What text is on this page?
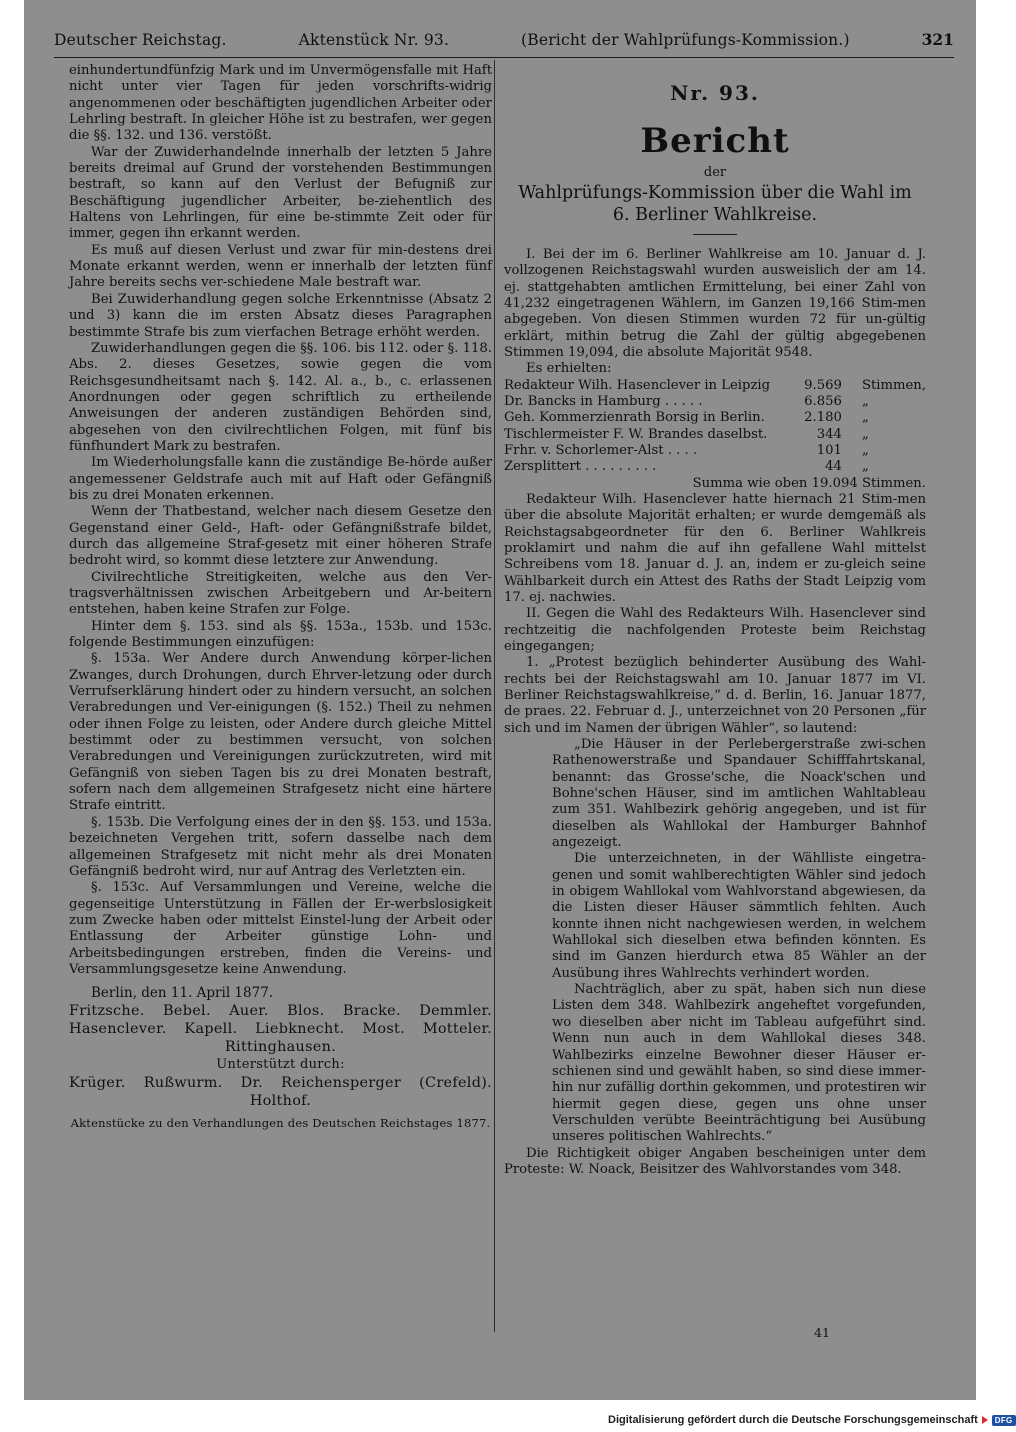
Deutscher Reichstag.	Aktenstück Nr. 93.	(Bericht der Wahlprüfungs-Kommission.)	321

einhundertundfünfzig Mark und im Unvermögensfalle mit Haft nicht unter vier Tagen für jeden vorschrifts-widrig angenommenen oder beschäftigten jugendlichen Arbeiter oder Lehrling bestraft. In gleicher Höhe ist zu bestrafen, wer gegen die §§. 132. und 136. verstößt.

War der Zuwiderhandelnde innerhalb der letzten 5 Jahre bereits dreimal auf Grund der vorstehenden Bestimmungen bestraft, so kann auf den Verlust der Befugniß zur Beschäftigung jugendlicher Arbeiter, be-ziehentlich des Haltens von Lehrlingen, für eine be-stimmte Zeit oder für immer, gegen ihn erkannt werden.

Es muß auf diesen Verlust und zwar für min-destens drei Monate erkannt werden, wenn er innerhalb der letzten fünf Jahre bereits sechs ver-schiedene Male bestraft war.

Bei Zuwiderhandlung gegen solche Erkenntnisse (Absatz 2 und 3) kann die im ersten Absatz dieses Paragraphen bestimmte Strafe bis zum vierfachen Betrage erhöht werden.

Zuwiderhandlungen gegen die §§. 106. bis 112. oder §. 118. Abs. 2. dieses Gesetzes, sowie gegen die vom Reichsgesundheitsamt nach §. 142. Al. a., b., c. erlassenen Anordnungen oder gegen schriftlich zu ertheilende Anweisungen der anderen zuständigen Behörden sind, abgesehen von den civilrechtlichen Folgen, mit fünf bis fünfhundert Mark zu bestrafen.

Im Wiederholungsfalle kann die zuständige Be-hörde außer angemessener Geldstrafe auch mit auf Haft oder Gefängniß bis zu drei Monaten erkennen.

Wenn der Thatbestand, welcher nach diesem Gesetze den Gegenstand einer Geld-, Haft- oder Gefängnißstrafe bildet, durch das allgemeine Straf-gesetz mit einer höheren Strafe bedroht wird, so kommt diese letztere zur Anwendung.

Civilrechtliche Streitigkeiten, welche aus den Ver-tragsverhältnissen zwischen Arbeitgebern und Ar-beitern entstehen, haben keine Strafen zur Folge.

Hinter dem §. 153. sind als §§. 153a., 153b. und 153c. folgende Bestimmungen einzufügen:

§. 153a. Wer Andere durch Anwendung körper-lichen Zwanges, durch Drohungen, durch Ehrver-letzung oder durch Verrufserklärung hindert oder zu hindern versucht, an solchen Verabredungen und Ver-einigungen (§. 152.) Theil zu nehmen oder ihnen Folge zu leisten, oder Andere durch gleiche Mittel bestimmt oder zu bestimmen versucht, von solchen Verabredungen und Vereinigungen zurückzutreten, wird mit Gefängniß von sieben Tagen bis zu drei Monaten bestraft, sofern nach dem allgemeinen Strafgesetz nicht eine härtere Strafe eintritt.

§. 153b. Die Verfolgung eines der in den §§. 153. und 153a. bezeichneten Vergehen tritt, sofern dasselbe nach dem allgemeinen Strafgesetz mit nicht mehr als drei Monaten Gefängniß bedroht wird, nur auf Antrag des Verletzten ein.

§. 153c. Auf Versammlungen und Vereine, welche die gegenseitige Unterstützung in Fällen der Er-werbslosigkeit zum Zwecke haben oder mittelst Einstel-lung der Arbeit oder Entlassung der Arbeiter günstige Lohn- und Arbeitsbedingungen erstreben, finden die Vereins- und Versammlungsgesetze keine Anwendung.

Berlin, den 11. April 1877.

Fritzsche. Bebel. Auer. Blos. Bracke. Demmler.

Hasenclever. Kapell. Liebknecht. Most. Motteler.

Rittinghausen.

Unterstützt durch:

Krüger. Rußwurm. Dr. Reichensperger (Crefeld).

Holthof.

Aktenstücke zu den Verhandlungen des Deutschen Reichstages 1877.
Nr. 93.
Bericht
der

Wahlprüfungs-Kommission über die Wahl im

6. Berliner Wahlkreise.

I. Bei der im 6. Berliner Wahlkreise am 10. Januar d. J. vollzogenen Reichstagswahl wurden ausweislich der am 14. ej. stattgehabten amtlichen Ermittelung, bei einer Zahl von 41,232 eingetragenen Wählern, im Ganzen 19,166 Stim-men abgegeben. Von diesen Stimmen wurden 72 für un-gültig erklärt, mithin betrug die Zahl der gültig abgegebenen Stimmen 19,094, die absolute Majorität 9548.

Es erhielten:

Redakteur Wilh. Hasenclever in Leipzig	9.569	Stimmen,
Dr. Bancks in Hamburg . . . . .	6.856	„
Geh. Kommerzienrath Borsig in Berlin.	2.180	„
Tischlermeister F. W. Brandes daselbst.	344	„
Frhr. v. Schorlemer-Alst . . . .	101	„
Zersplittert . . . . . . . . .	44	„

Summa wie oben 19.094 Stimmen.

Redakteur Wilh. Hasenclever hatte hiernach 21 Stim-men über die absolute Majorität erhalten; er wurde demgemäß als Reichstagsabgeordneter für den 6. Berliner Wahlkreis proklamirt und nahm die auf ihn gefallene Wahl mittelst Schreibens vom 18. Januar d. J. an, indem er zu-gleich seine Wählbarkeit durch ein Attest des Raths der Stadt Leipzig vom 17. ej. nachwies.

II. Gegen die Wahl des Redakteurs Wilh. Hasenclever sind rechtzeitig die nachfolgenden Proteste beim Reichstag eingegangen;

1. „Protest bezüglich behinderter Ausübung des Wahl-rechts bei der Reichstagswahl am 10. Januar 1877 im VI. Berliner Reichstagswahlkreise,“ d. d. Berlin, 16. Januar 1877, de praes. 22. Februar d. J., unterzeichnet von 20 Personen „für sich und im Namen der übrigen Wähler“, so lautend:

„Die Häuser in der Perlebergerstraße zwi-schen Rathenowerstraße und Spandauer Schifffahrtskanal, benannt: das Grosse'sche, die Noack'schen und Bohne'schen Häuser, sind im amtlichen Wahltableau zum 351. Wahlbezirk gehörig angegeben, und ist für dieselben als Wahllokal der Hamburger Bahnhof angezeigt.

Die unterzeichneten, in der Wählliste eingetra-genen und somit wahlberechtigten Wähler sind jedoch in obigem Wahllokal vom Wahlvorstand abgewiesen, da die Listen dieser Häuser sämmtlich fehlten. Auch konnte ihnen nicht nachgewiesen werden, in welchem Wahllokal sich dieselben etwa befinden könnten. Es sind im Ganzen hierdurch etwa 85 Wähler an der Ausübung ihres Wahlrechts verhindert worden.

Nachträglich, aber zu spät, haben sich nun diese Listen dem 348. Wahlbezirk angeheftet vorgefunden, wo dieselben aber nicht im Tableau aufgeführt sind. Wenn nun auch in dem Wahllokal dieses 348. Wahlbezirks einzelne Bewohner dieser Häuser er-schienen sind und gewählt haben, so sind diese immer-hin nur zufällig dorthin gekommen, und protestiren wir hiermit gegen diese, gegen uns ohne unser Verschulden verübte Beeinträchtigung bei Ausübung unseres politischen Wahlrechts.“

Die Richtigkeit obiger Angaben bescheinigen unter dem Proteste: W. Noack, Beisitzer des Wahlvorstandes vom 348.

41
Digitalisierung gefördert durch die Deutsche Forschungsgemeinschaft	DFG
